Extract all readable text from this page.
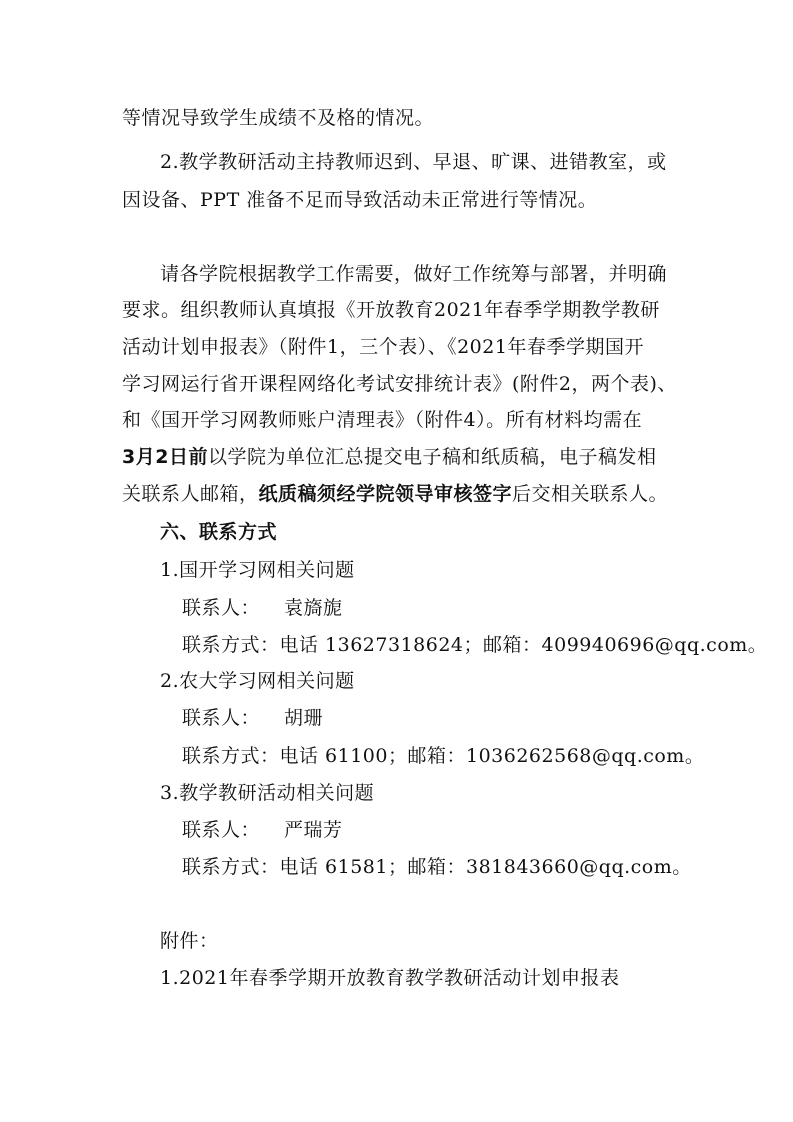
等情况导致学生成绩不及格的情况。
2.教学教研活动主持教师迟到、早退、旷课、进错教室，或
因设备、PPT 准备不足而导致活动未正常进行等情况。
请各学院根据教学工作需要，做好工作统筹与部署，并明确
要求。组织教师认真填报《开放教育2021年春季学期教学教研
活动计划申报表》（附件1，三个表）、《2021年春季学期国开
学习网运行省开课程网络化考试安排统计表》(附件2，两个表)、
和《国开学习网教师账户清理表》（附件4）。所有材料均需在
3月2日前以学院为单位汇总提交电子稿和纸质稿，电子稿发相
关联系人邮箱，纸质稿须经学院领导审核签字后交相关联系人。
六、联系方式
1.国开学习网相关问题
联系人： 袁旖旎
联系方式：电话 13627318624；邮箱：409940696@qq.com。
2.农大学习网相关问题
联系人： 胡珊
联系方式：电话 61100；邮箱：1036262568@qq.com。
3.教学教研活动相关问题
联系人： 严瑞芳
联系方式：电话 61581；邮箱：381843660@qq.com。
附件：
1.2021年春季学期开放教育教学教研活动计划申报表
